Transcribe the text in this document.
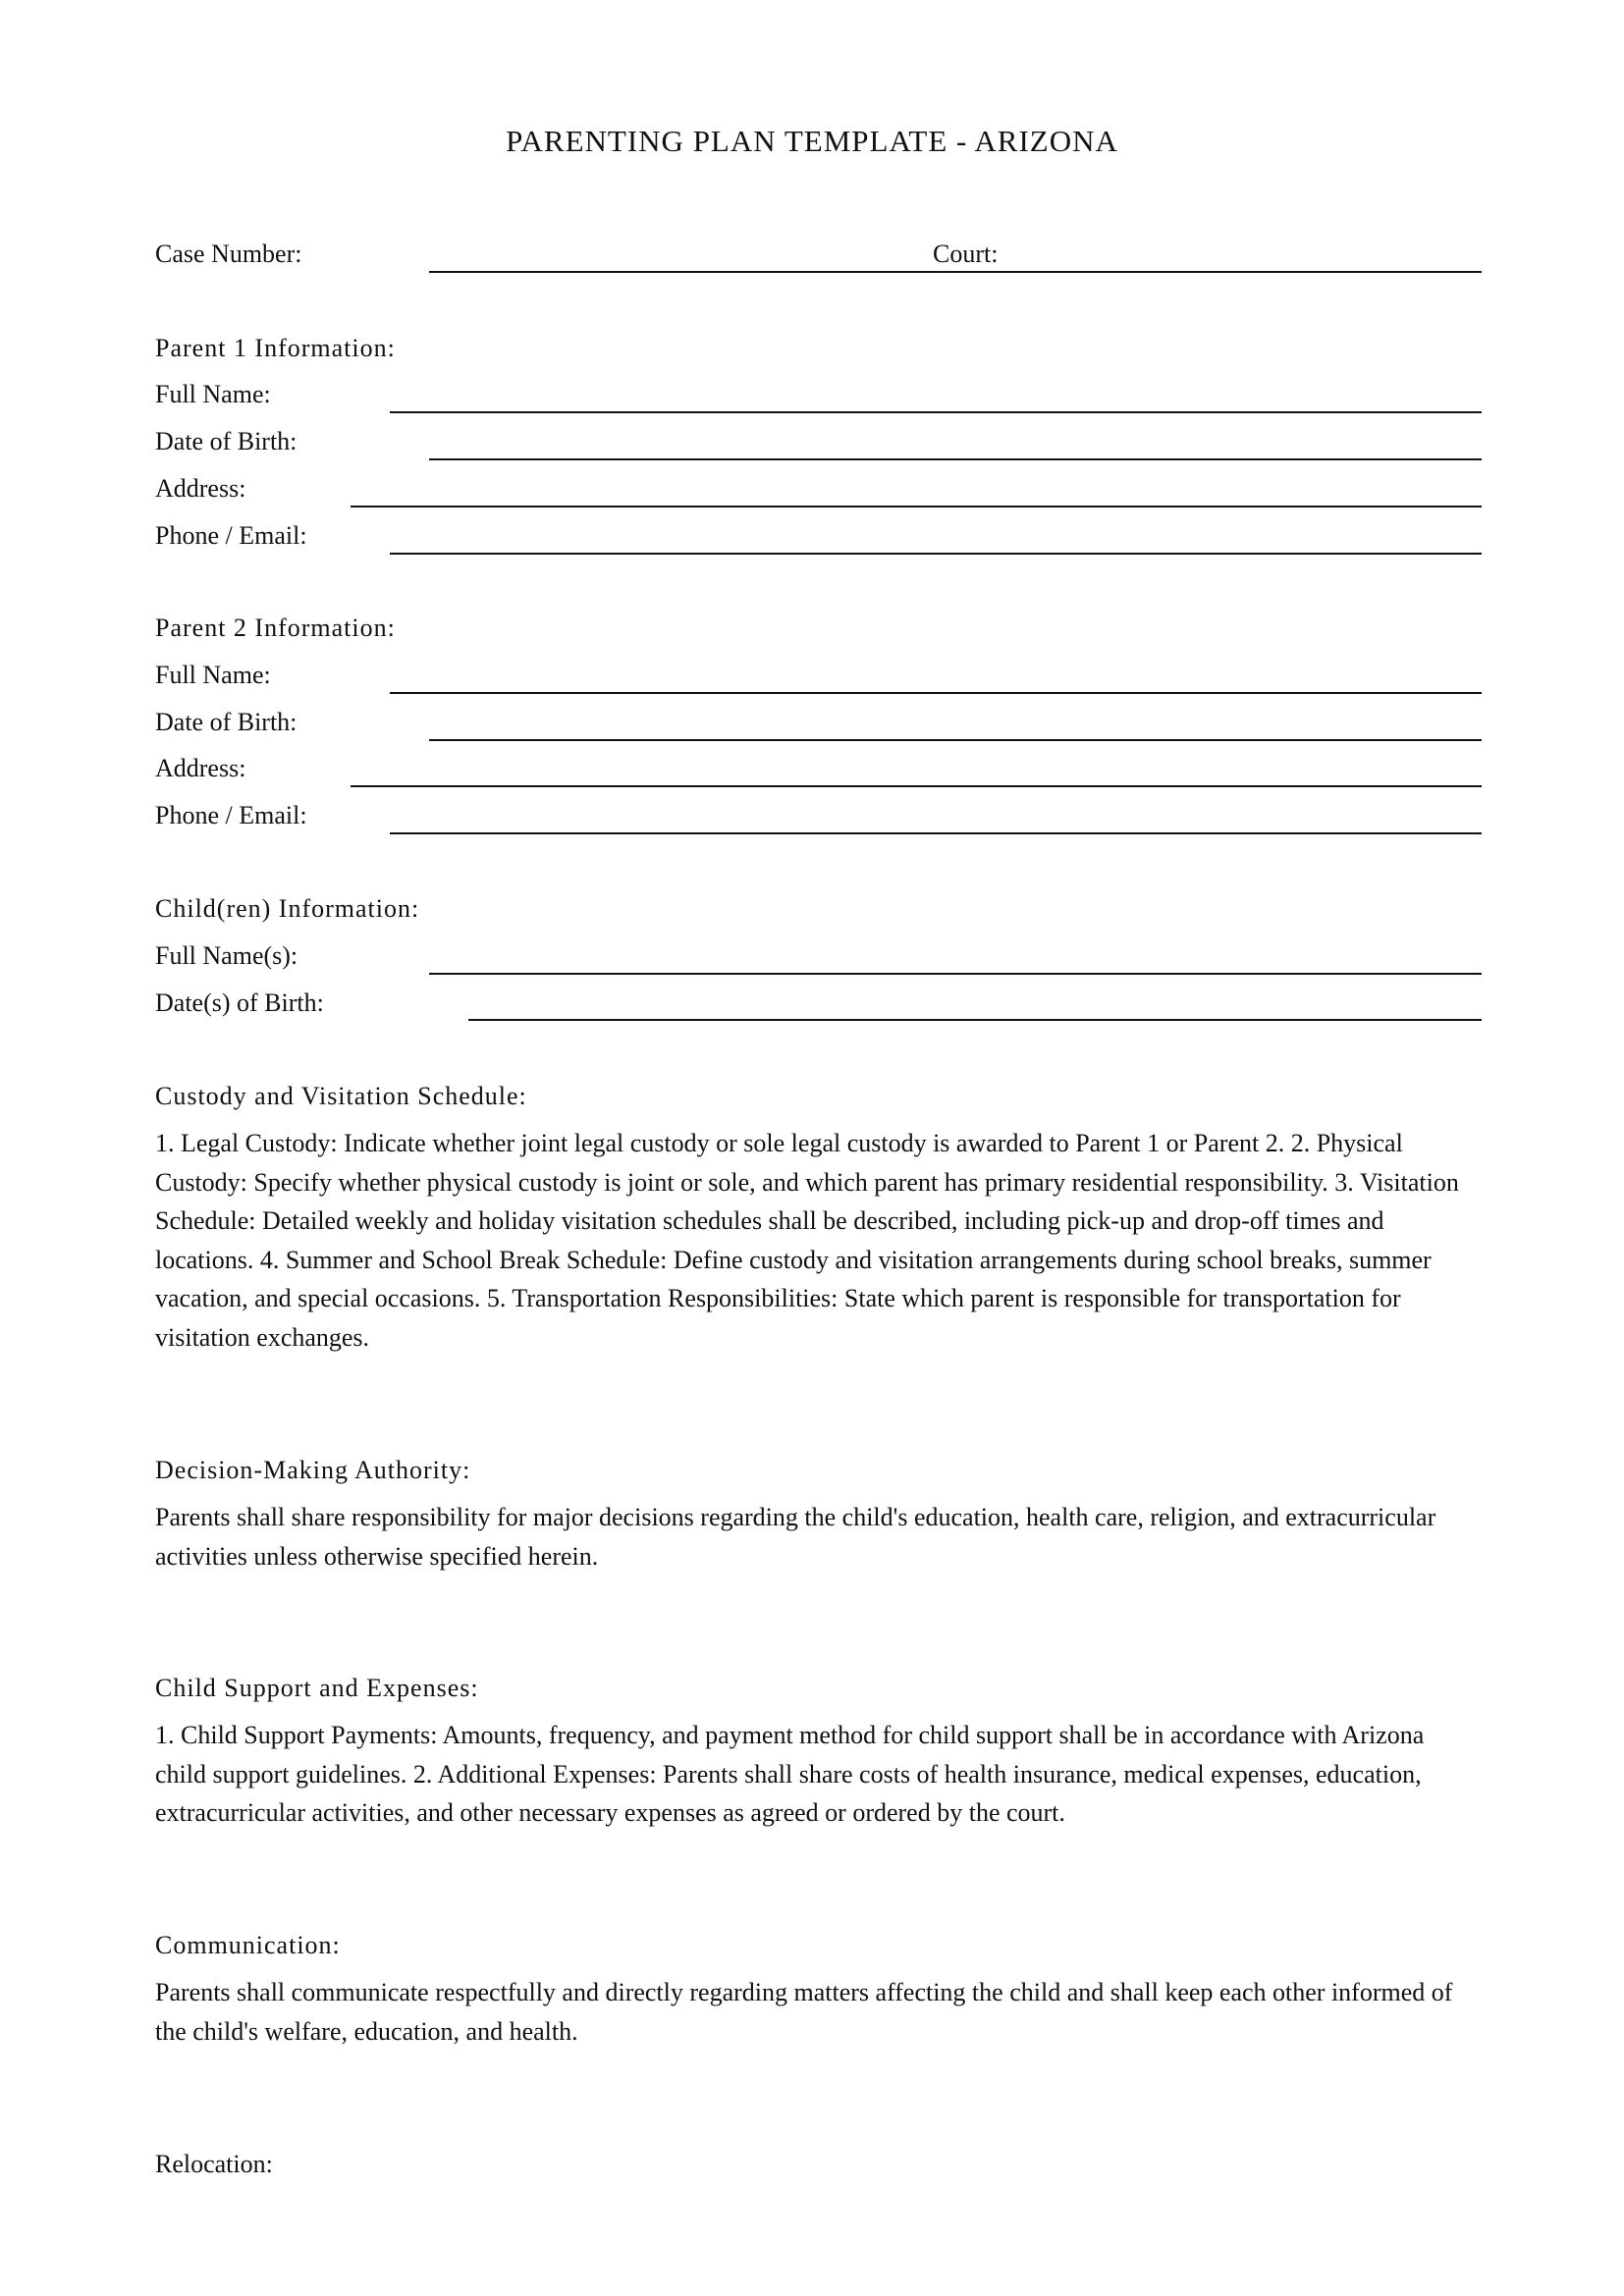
PARENTING PLAN TEMPLATE - ARIZONA
Case Number:	Court:
Parent 1 Information:
Full Name:
Date of Birth:
Address:
Phone / Email:
Parent 2 Information:
Full Name:
Date of Birth:
Address:
Phone / Email:
Child(ren) Information:
Full Name(s):
Date(s) of Birth:
Custody and Visitation Schedule:
1. Legal Custody: Indicate whether joint legal custody or sole legal custody is awarded to Parent 1 or Parent 2. 2. Physical Custody: Specify whether physical custody is joint or sole, and which parent has primary residential responsibility. 3. Visitation Schedule: Detailed weekly and holiday visitation schedules shall be described, including pick-up and drop-off times and locations. 4. Summer and School Break Schedule: Define custody and visitation arrangements during school breaks, summer vacation, and special occasions. 5. Transportation Responsibilities: State which parent is responsible for transportation for visitation exchanges.
Decision-Making Authority:
Parents shall share responsibility for major decisions regarding the child's education, health care, religion, and extracurricular activities unless otherwise specified herein.
Child Support and Expenses:
1. Child Support Payments: Amounts, frequency, and payment method for child support shall be in accordance with Arizona child support guidelines. 2. Additional Expenses: Parents shall share costs of health insurance, medical expenses, education, extracurricular activities, and other necessary expenses as agreed or ordered by the court.
Communication:
Parents shall communicate respectfully and directly regarding matters affecting the child and shall keep each other informed of the child's welfare, education, and health.
Relocation:
